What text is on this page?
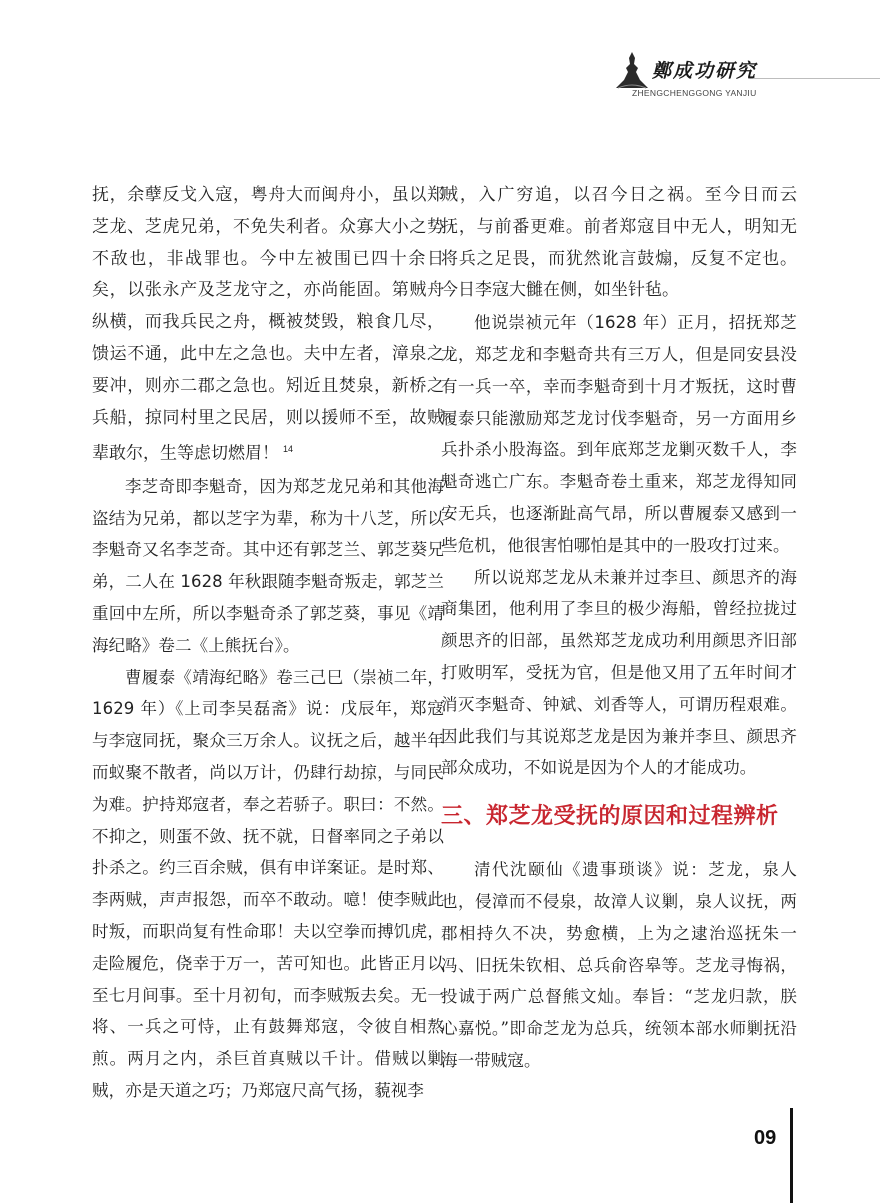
鄭成功研究
ZHENGCHENGGONG YANJIU

抚，余孽反戈入寇，粤舟大而闽舟小，虽以郑芝龙、芝虎兄弟，不免失利者。众寡大小之势不敌也，非战罪也。今中左被围已四十余日矣，以张永产及芝龙守之，亦尚能固。第贼舟纵横，而我兵民之舟，概被焚毁，粮食几尽，馈运不通，此中左之急也。夫中左者，漳泉之要冲，则亦二郡之急也。矧近且焚泉，新桥之兵船，掠同村里之民居，则以援师不至，故贼辈敢尔，生等虑切燃眉！ $^{14}$

李芝奇即李魁奇，因为郑芝龙兄弟和其他海盗结为兄弟，都以芝字为辈，称为十八芝，所以李魁奇又名李芝奇。其中还有郭芝兰、郭芝葵兄弟，二人在 1628 年秋跟随李魁奇叛走，郭芝兰重回中左所，所以李魁奇杀了郭芝葵，事见《靖海纪略》卷二《上熊抚台》。

曹履泰《靖海纪略》卷三己巳（崇祯二年，1629 年）《上司李吴磊斋》说：戊辰年，郑寇与李寇同抚，聚众三万余人。议抚之后，越半年而蚁聚不散者，尚以万计，仍肆行劫掠，与同民为难。护持郑寇者，奉之若骄子。职曰：不然。不抑之，则蛋不敛、抚不就，日督率同之子弟以扑杀之。约三百余贼，俱有申详案证。是时郑、李两贼，声声报怨，而卒不敢动。噫！使李贼此时叛，而职尚复有性命耶！夫以空拳而搏饥虎，走险履危，侥幸于万一，苦可知也。此皆正月以至七月间事。至十月初旬，而李贼叛去矣。无一将、一兵之可恃，止有鼓舞郑寇，令彼自相熬煎。两月之内，杀巨首真贼以千计。借贼以剿贼，亦是天道之巧；乃郑寇尺高气扬，藐视李

贼，入广穷追，以召今日之祸。至今日而云抚，与前番更难。前者郑寇目中无人，明知无将兵之足畏，而犹然讹言鼓煽，反复不定也。今日李寇大雠在侧，如坐针毡。

他说崇祯元年（1628 年）正月，招抚郑芝龙，郑芝龙和李魁奇共有三万人，但是同安县没有一兵一卒，幸而李魁奇到十月才叛抚，这时曹履泰只能激励郑芝龙讨伐李魁奇，另一方面用乡兵扑杀小股海盗。到年底郑芝龙剿灭数千人，李魁奇逃亡广东。李魁奇卷土重来，郑芝龙得知同安无兵，也逐渐趾高气昂，所以曹履泰又感到一些危机，他很害怕哪怕是其中的一股攻打过来。

所以说郑芝龙从未兼并过李旦、颜思齐的海商集团，他利用了李旦的极少海船，曾经拉拢过颜思齐的旧部，虽然郑芝龙成功利用颜思齐旧部打败明军，受抚为官，但是他又用了五年时间才消灭李魁奇、钟斌、刘香等人，可谓历程艰难。因此我们与其说郑芝龙是因为兼并李旦、颜思齐部众成功，不如说是因为个人的才能成功。

三、郑芝龙受抚的原因和过程辨析

清代沈颐仙《遗事琐谈》说：芝龙，泉人也，侵漳而不侵泉，故漳人议剿，泉人议抚，两郡相持久不决，势愈横，上为之逮治巡抚朱一冯、旧抚朱钦相、总兵俞咨皋等。芝龙寻悔祸，投诚于两广总督熊文灿。奉旨：“芝龙归款，朕心嘉悦。”即命芝龙为总兵，统领本部水师剿抚沿海一带贼寇。

09
